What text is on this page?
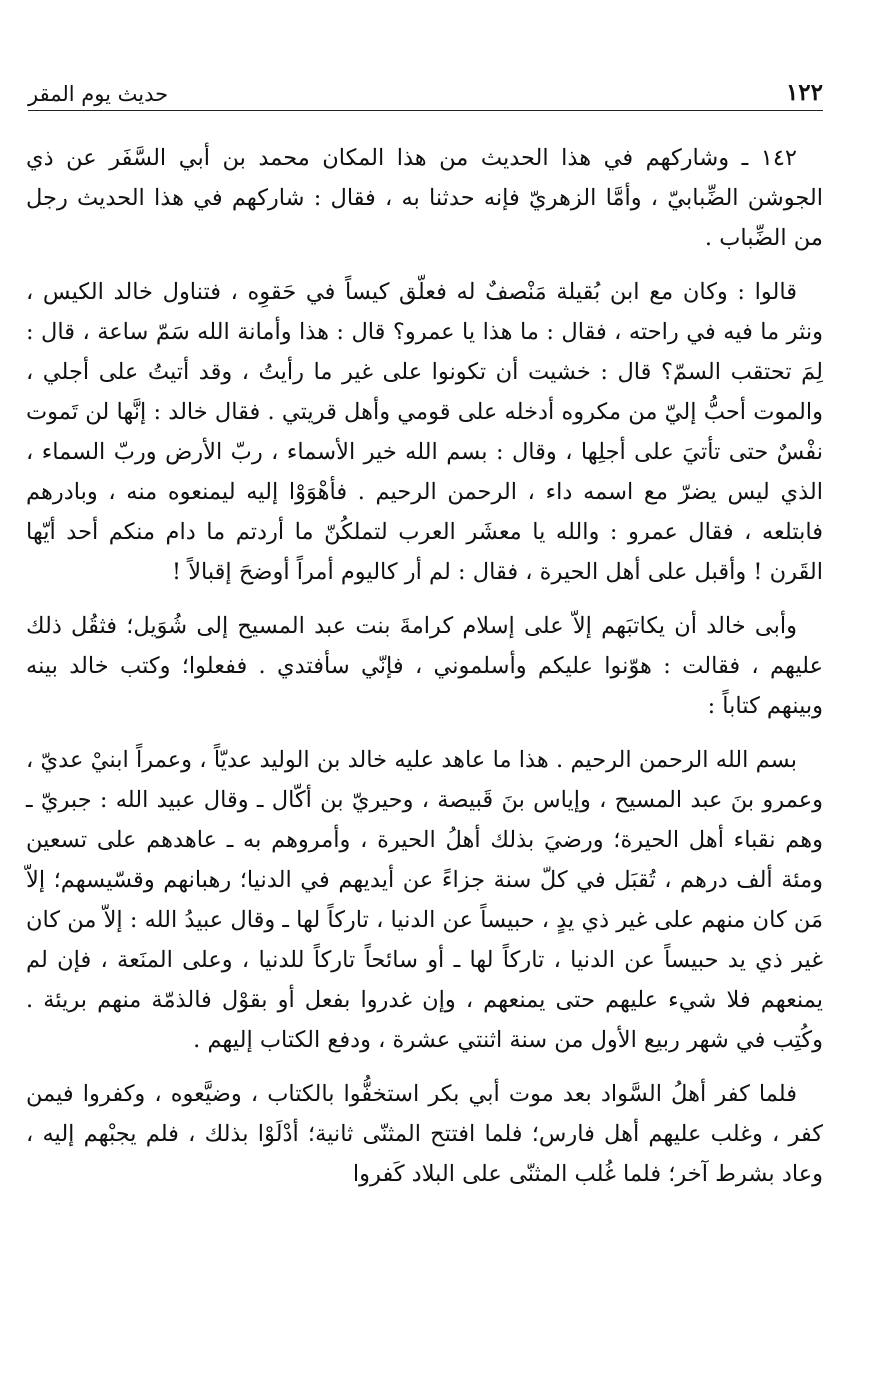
١٢٢
حديث يوم المقر

١٤٢ ـ وشاركهم في هذا الحديث من هذا المكان محمد بن أبي السَّفَر عن ذي الجوشن الضِّبابيّ ، وأمَّا الزهريّ فإنه حدثنا به ، فقال : شاركهم في هذا الحديث رجل من الضِّباب .

قالوا : وكان مع ابن بُقيلة مَنْصفٌ له فعلّق كيساً في حَقوِه ، فتناول خالد الكيس ، ونثر ما فيه في راحته ، فقال : ما هذا يا عمرو؟ قال : هذا وأمانة الله سَمّ ساعة ، قال : لِمَ تحتقب السمّ؟ قال : خشيت أن تكونوا على غير ما رأيتُ ، وقد أتيتُ على أجلي ، والموت أحبُّ إليّ من مكروه أدخله على قومي وأهل قريتي . فقال خالد : إنَّها لن تَموت نفْسٌ حتى تأتيَ على أجلِها ، وقال : بسم الله خير الأسماء ، ربّ الأرض وربّ السماء ، الذي ليس يضرّ مع اسمه داء ، الرحمن الرحيم . فأهْوَوْا إليه ليمنعوه منه ، وبادرهم فابتلعه ، فقال عمرو : والله يا معشَر العرب لتملكُنّ ما أردتم ما دام منكم أحد أيّها القَرن ! وأقبل على أهل الحيرة ، فقال : لم أر كاليوم أمراً أوضحَ إقبالاً !

وأبى خالد أن يكاتبَهم إلاّ على إسلام كرامةَ بنت عبد المسيح إلى شُوَيل؛ فثقُل ذلك عليهم ، فقالت : هوّنوا عليكم وأسلموني ، فإنّي سأفتدي . ففعلوا؛ وكتب خالد بينه وبينهم كتاباً :

بسم الله الرحمن الرحيم . هذا ما عاهد عليه خالد بن الوليد عديّاً ، وعمراً ابنيْ عديّ ، وعمرو بنَ عبد المسيح ، وإياس بنَ قَبيصة ، وحيريّ بن أكّال ـ وقال عبيد الله : جبريّ ـ وهم نقباء أهل الحيرة؛ ورضيَ بذلك أهلُ الحيرة ، وأمروهم به ـ عاهدهم على تسعين ومئة ألف درهم ، تُقبَل في كلّ سنة جزاءً عن أيديهم في الدنيا؛ رهبانهم وقسّيسهم؛ إلاّ مَن كان منهم على غير ذي يدٍ ، حبيساً عن الدنيا ، تاركاً لها ـ وقال عبيدُ الله : إلاّ من كان غير ذي يد حبيساً عن الدنيا ، تاركاً لها ـ أو سائحاً تاركاً للدنيا ، وعلى المنَعة ، فإن لم يمنعهم فلا شيء عليهم حتى يمنعهم ، وإن غدروا بفعل أو بقوْل فالذمّة منهم بريئة . وكُتِب في شهر ربيع الأول من سنة اثنتي عشرة ، ودفع الكتاب إليهم .

فلما كفر أهلُ السَّواد بعد موت أبي بكر استخفُّوا بالكتاب ، وضيَّعوه ، وكفروا فيمن كفر ، وغلب عليهم أهل فارس؛ فلما افتتح المثنّى ثانية؛ أدْلَوْا بذلك ، فلم يجبْهم إليه ، وعاد بشرط آخر؛ فلما غُلب المثنّى على البلاد كَفروا
